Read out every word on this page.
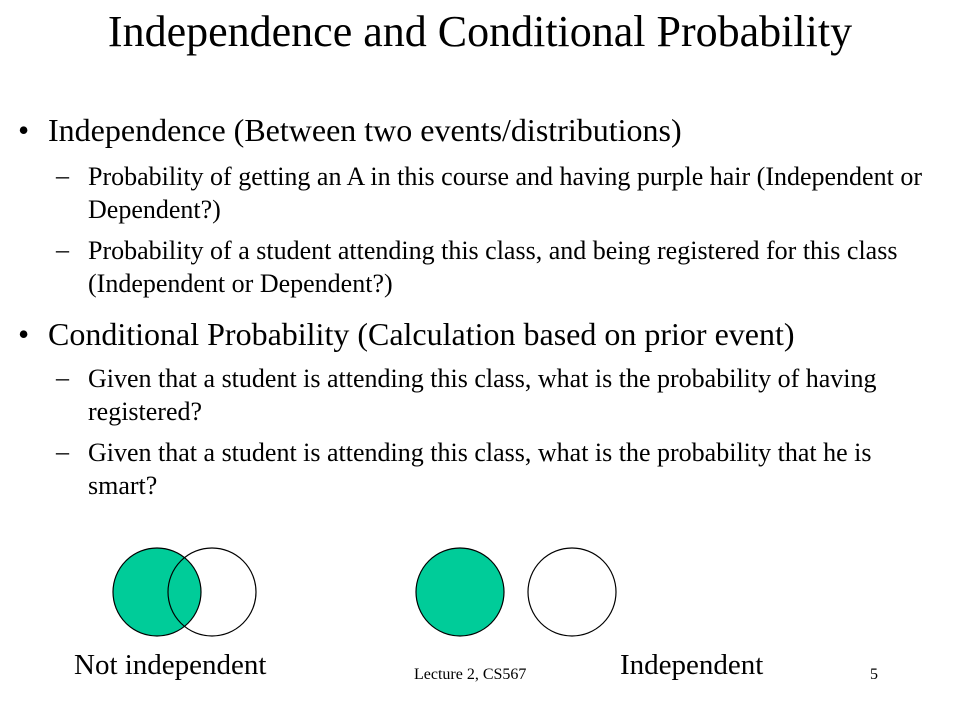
Independence and Conditional Probability
• Independence (Between two events/distributions)
– Probability of getting an A in this course and having purple hair (Independent or Dependent?)
– Probability of a student attending this class, and being registered for this class (Independent or Dependent?)
• Conditional Probability (Calculation based on prior event)
– Given that a student is attending this class, what is the probability of having registered?
– Given that a student is attending this class, what is the probability that he is smart?
Not independent	Independent
Lecture 2, CS567	5
